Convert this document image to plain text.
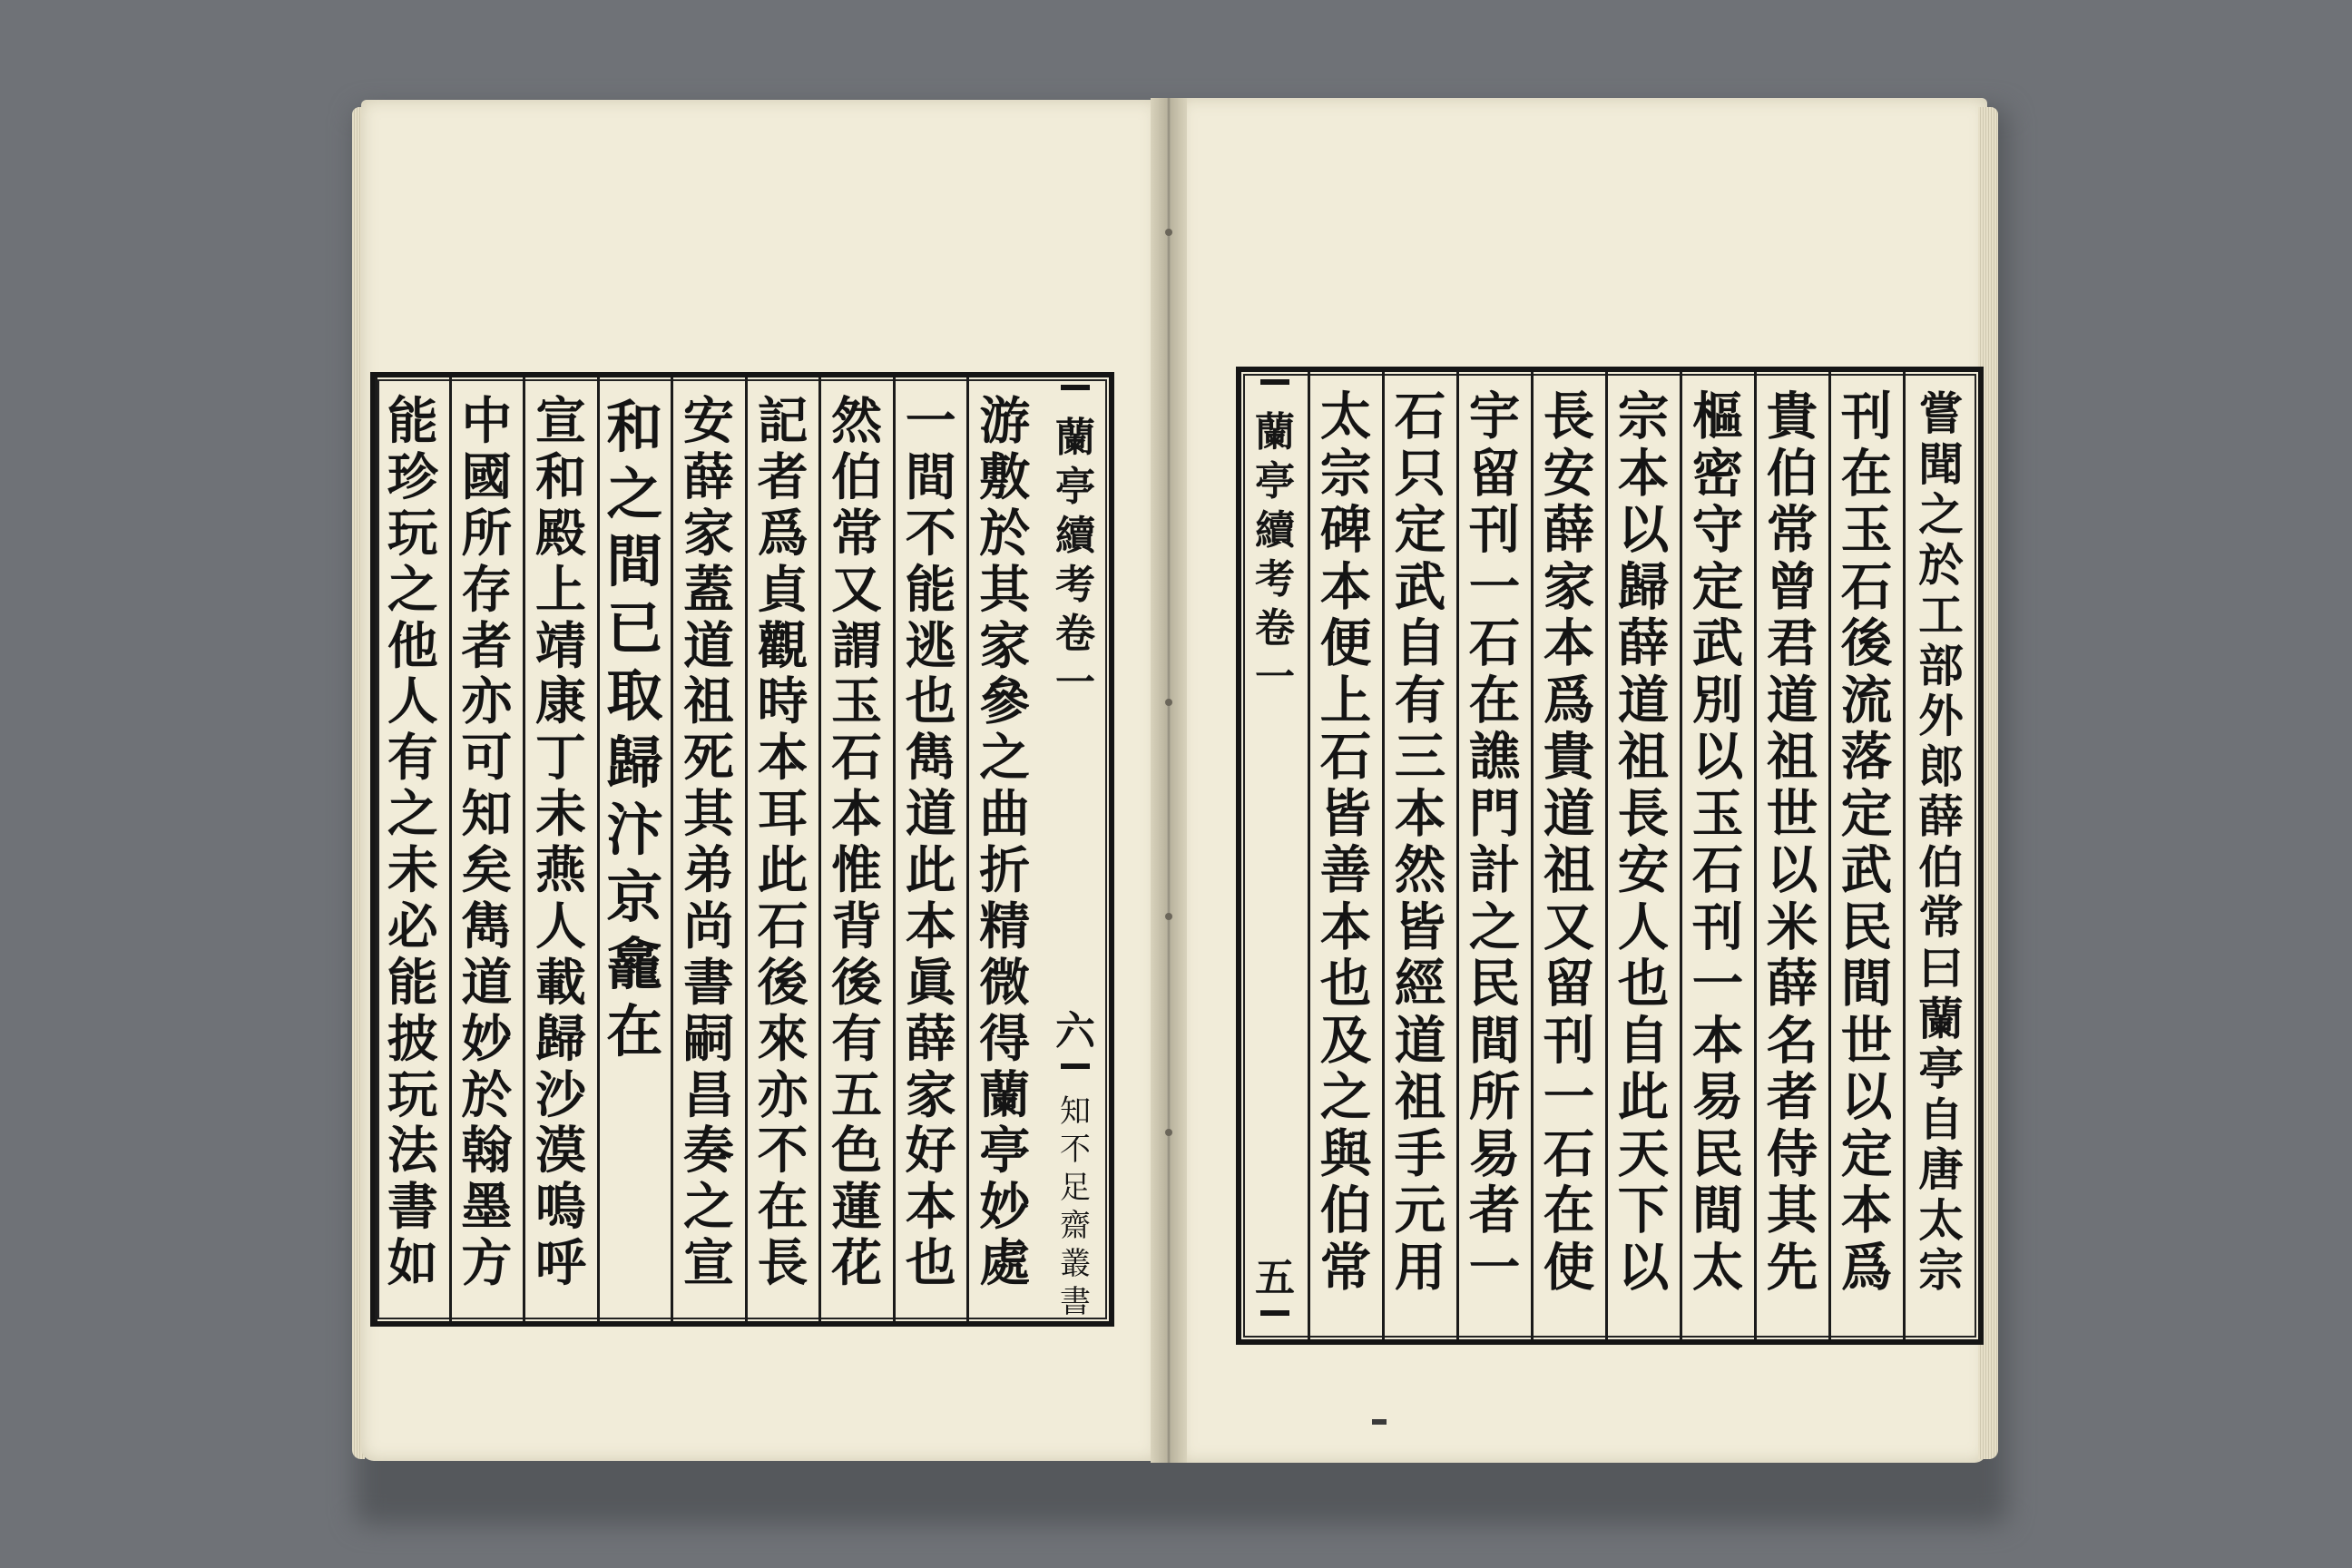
蘭
亭
續
考
卷
一
六
知
不
足
齋
叢
書
游
敷
於
其
家
參
之
曲
折
精
微
得
蘭
亭
妙
處
一
間
不
能
逃
也
雋
道
此
本
眞
薛
家
好
本
也
然
伯
常
又
謂
玉
石
本
惟
背
後
有
五
色
蓮
花
記
者
爲
貞
觀
時
本
耳
此
石
後
來
亦
不
在
長
安
薛
家
蓋
道
祖
死
其
弟
尚
書
嗣
昌
奏
之
宣
和
之
間
已
取
歸
汴
京
龕
在
宣
和
殿
上
靖
康
丁
未
燕
人
載
歸
沙
漠
嗚
呼
中
國
所
存
者
亦
可
知
矣
雋
道
妙
於
翰
墨
方
能
珍
玩
之
他
人
有
之
未
必
能
披
玩
法
書
如
蘭
亭
續
考
卷
一
五
嘗
聞
之
於
工
部
外
郎
薛
伯
常
曰
蘭
亭
自
唐
太
宗
刊
在
玉
石
後
流
落
定
武
民
間
世
以
定
本
爲
貴
伯
常
曾
君
道
祖
世
以
米
薛
名
者
侍
其
先
樞
密
守
定
武
別
以
玉
石
刊
一
本
易
民
間
太
宗
本
以
歸
薛
道
祖
長
安
人
也
自
此
天
下
以
長
安
薛
家
本
爲
貴
道
祖
又
留
刊
一
石
在
使
宇
留
刊
一
石
在
譙
門
計
之
民
間
所
易
者
一
石
只
定
武
自
有
三
本
然
皆
經
道
祖
手
元
用
太
宗
碑
本
便
上
石
皆
善
本
也
及
之
與
伯
常
